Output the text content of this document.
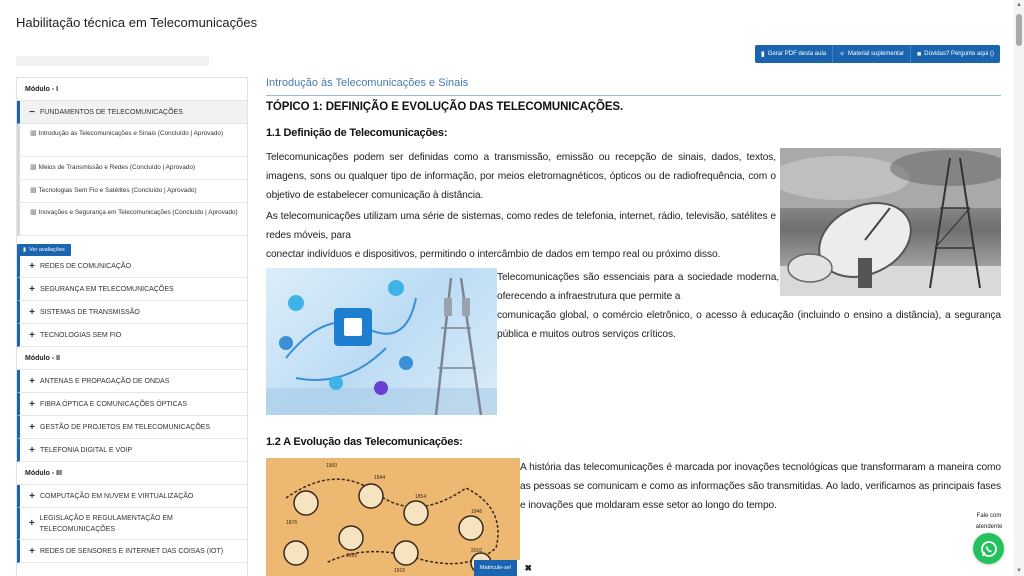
Habilitação técnica em Telecomunicações
▮ Gerar PDF desta aula ✧ Material suplementar ■ Dúvidas? Pergunte aqui ()
▲
▼
Módulo - I
− FUNDAMENTOS DE TELECOMUNICAÇÕES
▩ Introdução às Telecomunicações e Sinais (Concluído | Aprovado)
▩ Meios de Transmissão e Redes (Concluído | Aprovado)
▩ Tecnologias Sem Fio e Satélites (Concluído | Aprovado)
▩ Inovações e Segurança em Telecomunicações (Concluído | Aprovado)
▮ Ver avaliações
+ REDES DE COMUNICAÇÃO
+ SEGURANÇA EM TELECOMUNICAÇÕES
+ SISTEMAS DE TRANSMISSÃO
+ TECNOLOGIAS SEM FIO
Módulo - II
+ ANTENAS E PROPAGAÇÃO DE ONDAS
+ FIBRA ÓPTICA E COMUNICAÇÕES ÓPTICAS
+ GESTÃO DE PROJETOS EM TELECOMUNICAÇÕES
+ TELEFONIA DIGITAL E VOIP
Módulo - III
+ COMPUTAÇÃO EM NUVEM E VIRTUALIZAÇÃO
+ LEGISLAÇÃO E REGULAMENTAÇÃO EM TELECOMUNICAÇÕES
+ REDES DE SENSORES E INTERNET DAS COISAS (IOT)
Introdução às Telecomunicações e Sinais
TÓPICO 1: DEFINIÇÃO E EVOLUÇÃO DAS TELECOMUNICAÇÕES.
1.1 Definição de Telecomunicações:
Telecomunicações podem ser definidas como a transmissão, emissão ou recepção de sinais, dados, textos, imagens, sons ou qualquer tipo de informação, por meios eletromagnéticos, ópticos ou de radiofrequência, com o objetivo de estabelecer comunicação à distância.
As telecomunicações utilizam uma série de sistemas, como redes de telefonia, internet, rádio, televisão, satélites e redes móveis, para
conectar indivíduos e dispositivos, permitindo o intercâmbio de dados em tempo real ou próximo disso.
Telecomunicações são essenciais para a sociedade moderna, oferecendo a infraestrutura que permite a
comunicação global, o comércio eletrônico, o acesso à educação (incluindo o ensino a distância), a segurança pública e muitos outros serviços críticos.
1.2 A Evolução das Telecomunicações:
1900
1844
1854
1876
1895
1946
1915
2010
A história das telecomunicações é marcada por inovações tecnológicas que transformaram a maneira como as pessoas se comunicam e como as informações são transmitidas. Ao lado, verificamos as principais fases e inovações que moldaram esse setor ao longo do tempo.
Matricule-se!	✖
Fale com atendente
